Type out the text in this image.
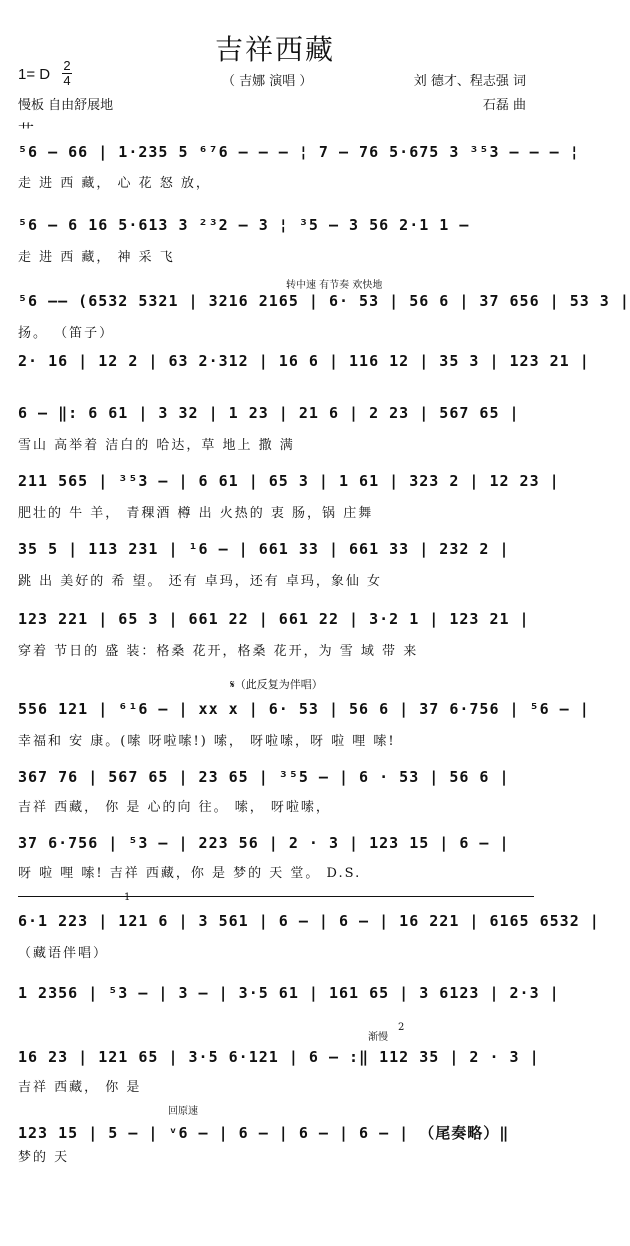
吉祥西藏
1= D
2
4	（ 吉娜 演唱 ）	刘 德才、程志强 词
慢板 自由舒展地	石磊 曲
艹
转中速 有节奏 欢快地
𝄋（此反复为伴唱）
1
2
渐慢
回原速
⁵6 – 66 | 1·235 5 ⁶⁷6 – – – ¦ 7 – 76 5·675 3 ³⁵3 – – – ¦
走 进 西 藏， 心 花 怒 放，
⁵6 – 6 16 5·613 3 ²³2 – 3 ¦ ³5 – 3 56 2·1 1 –
走 进 西 藏， 神 采 飞
⁵6 –– (6532 5321 | 3216 2165 | 6· 53 | 56 6 | 37 656 | 53 3 |
扬。 （笛子）
2· 16 | 12 2 | 63 2·312 | 16 6 | 116 12 | 35 3 | 123 21 |
6 – ‖: 6 61 | 3 32 | 1 23 | 21 6 | 2 23 | 567 65 |
雪山 高举着 洁白的 哈达，草 地上 撒 满
211 565 | ³⁵3 – | 6 61 | 65 3 | 1 61 | 323 2 | 12 23 |
肥壮的 牛 羊， 青稞酒 樽 出 火热的 衷 肠，锅 庄舞
35 5 | 113 231 | ¹6 – | 661 33 | 661 33 | 232 2 |
跳 出 美好的 希 望。 还有 卓玛，还有 卓玛，象仙 女
123 221 | 65 3 | 661 22 | 661 22 | 3·2 1 | 123 21 |
穿着 节日的 盛 装：格桑 花开，格桑 花开，为 雪 域 带 来
556 121 | ⁶¹6 – | xx x | 6· 53 | 56 6 | 37 6·756 | ⁵6 – |
幸福和 安 康。(嗦 呀啦嗦!) 嗦， 呀啦嗦，呀 啦 哩 嗦!
367 76 | 567 65 | 23 65 | ³⁵5 – | 6 · 53 | 56 6 |
吉祥 西藏， 你 是 心的向 往。 嗦， 呀啦嗦，
37 6·756 | ⁵3 – | 223 56 | 2 · 3 | 123 15 | 6 – |
呀 啦 哩 嗦! 吉祥 西藏，你 是 梦的 天 堂。 D.S.
6·1 223 | 121 6 | 3 561 | 6 – | 6 – | 16 221 | 6165 6532 |
（藏语伴唱）
1 2356 | ⁵3 – | 3 – | 3·5 61 | 161 65 | 3 6123 | 2·3 |
16 23 | 121 65 | 3·5 6·121 | 6 – :‖ 112 35 | 2 · 3 |
吉祥 西藏， 你 是
123 15 | 5 – | ᵛ6 – | 6 – | 6 – | 6 – | （尾奏略）‖
梦的 天
